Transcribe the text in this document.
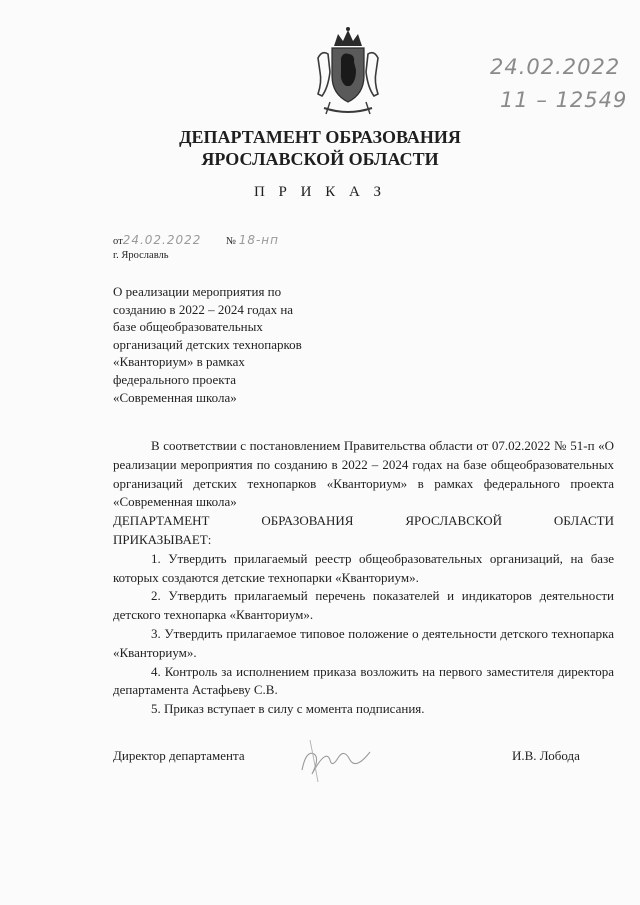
24.02.2022
11 – 12549
ДЕПАРТАМЕНТ ОБРАЗОВАНИЯ
ЯРОСЛАВСКОЙ ОБЛАСТИ
П Р И К А З
от24.02.2022 № 18-нп
г. Ярославль
О реализации мероприятия по
созданию в 2022 – 2024 годах на
базе общеобразовательных
организаций детских технопарков
«Кванториум» в рамках
федерального проекта
«Современная школа»

В соответствии с постановлением Правительства области от 07.02.2022 № 51-п «О реализации мероприятия по созданию в 2022 – 2024 годах на базе общеобразовательных организаций детских технопарков «Кванториум» в рамках федерального проекта «Современная школа»

ДЕПАРТАМЕНТ ОБРАЗОВАНИЯ ЯРОСЛАВСКОЙ ОБЛАСТИ

ПРИКАЗЫВАЕТ:

1. Утвердить прилагаемый реестр общеобразовательных организаций, на базе которых создаются детские технопарки «Кванториум».

2. Утвердить прилагаемый перечень показателей и индикаторов деятельности детского технопарка «Кванториум».

3. Утвердить прилагаемое типовое положение о деятельности детского технопарка «Кванториум».

4. Контроль за исполнением приказа возложить на первого заместителя директора департамента Астафьеву С.В.

5. Приказ вступает в силу с момента подписания.

Директор департамента	И.В. Лобода
